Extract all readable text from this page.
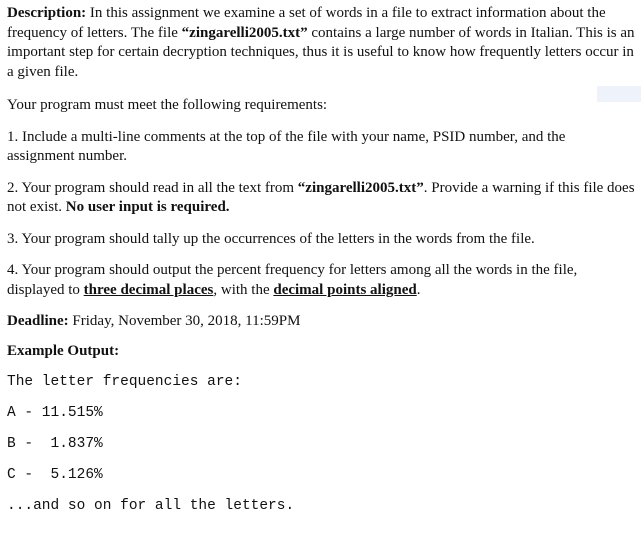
Description: In this assignment we examine a set of words in a file to extract information about the frequency of letters. The file “zingarelli2005.txt” contains a large number of words in Italian. This is an important step for certain decryption techniques, thus it is useful to know how frequently letters occur in a given file.

Your program must meet the following requirements:

1. Include a multi-line comments at the top of the file with your name, PSID number, and the assignment number.

2. Your program should read in all the text from “zingarelli2005.txt”. Provide a warning if this file does not exist. No user input is required.

3. Your program should tally up the occurrences of the letters in the words from the file.

4. Your program should output the percent frequency for letters among all the words in the file, displayed to three decimal places, with the decimal points aligned.

Deadline: Friday, November 30, 2018, 11:59PM

Example Output:

The letter frequencies are:

A - 11.515%

B -  1.837%

C -  5.126%

...and so on for all the letters.
